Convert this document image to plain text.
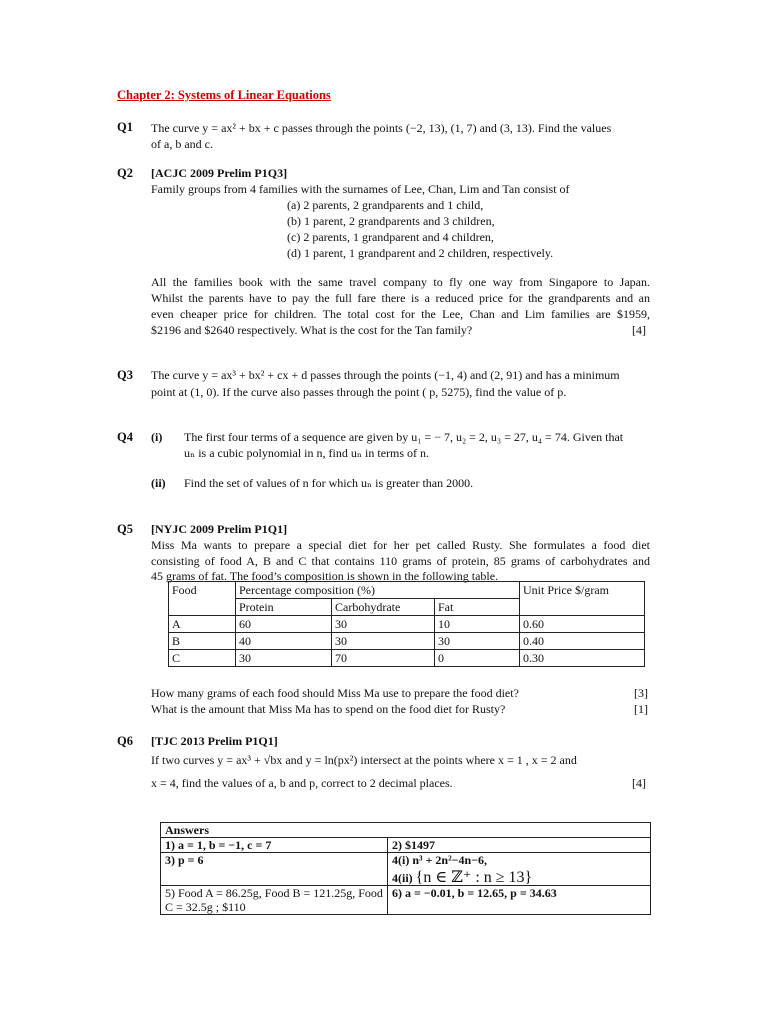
Chapter 2: Systems of Linear Equations
Q1 The curve y = ax² + bx + c passes through the points (−2, 13), (1, 7) and (3, 13). Find the values
of a, b and c.
Q2 [ACJC 2009 Prelim P1Q3]
Family groups from 4 families with the surnames of Lee, Chan, Lim and Tan consist of
(a) 2 parents, 2 grandparents and 1 child,
(b) 1 parent, 2 grandparents and 3 children,
(c) 2 parents, 1 grandparent and 4 children,
(d) 1 parent, 1 grandparent and 2 children, respectively.
All the families book with the same travel company to fly one way from Singapore to Japan.
Whilst the parents have to pay the full fare there is a reduced price for the grandparents and an
even cheaper price for children. The total cost for the Lee, Chan and Lim families are $1959,
$2196 and $2640 respectively. What is the cost for the Tan family?	[4]
Q3 The curve y = ax³ + bx² + cx + d passes through the points (−1, 4) and (2, 91) and has a minimum
point at (1, 0). If the curve also passes through the point ( p, 5275), find the value of p.
Q4 (i) The first four terms of a sequence are given by u₁ = − 7, u₂ = 2, u₃ = 27, u₄ = 74. Given that
uₙ is a cubic polynomial in n, find uₙ in terms of n.
(ii) Find the set of values of n for which uₙ is greater than 2000.
Q5 [NYJC 2009 Prelim P1Q1]
Miss Ma wants to prepare a special diet for her pet called Rusty. She formulates a food diet
consisting of food A, B and C that contains 110 grams of protein, 85 grams of carbohydrates and
45 grams of fat. The food’s composition is shown in the following table.
Food	Percentage composition (%)			Unit Price $/gram
	Protein	Carbohydrate	Fat	
A	60	30	10	0.60
B	40	30	30	0.40
C	30	70	0	0.30
How many grams of each food should Miss Ma use to prepare the food diet?	[3]
What is the amount that Miss Ma has to spend on the food diet for Rusty?	[1]
Q6 [TJC 2013 Prelim P1Q1]
If two curves y = ax³ + √bx and y = ln(px²) intersect at the points where x = 1 , x = 2 and
x = 4, find the values of a, b and p, correct to 2 decimal places.	[4]
Answers	
1) a = 1, b = −1, c = 7	2) $1497
3) p = 6	4(i) n³ + 2n²−4n−6,
4(ii) {n ∈ ℤ⁺ : n ≥ 13}

5) Food A = 86.25g, Food B = 121.25g, Food C = 32.5g ; $110	6) a = −0.01, b = 12.65, p = 34.63
